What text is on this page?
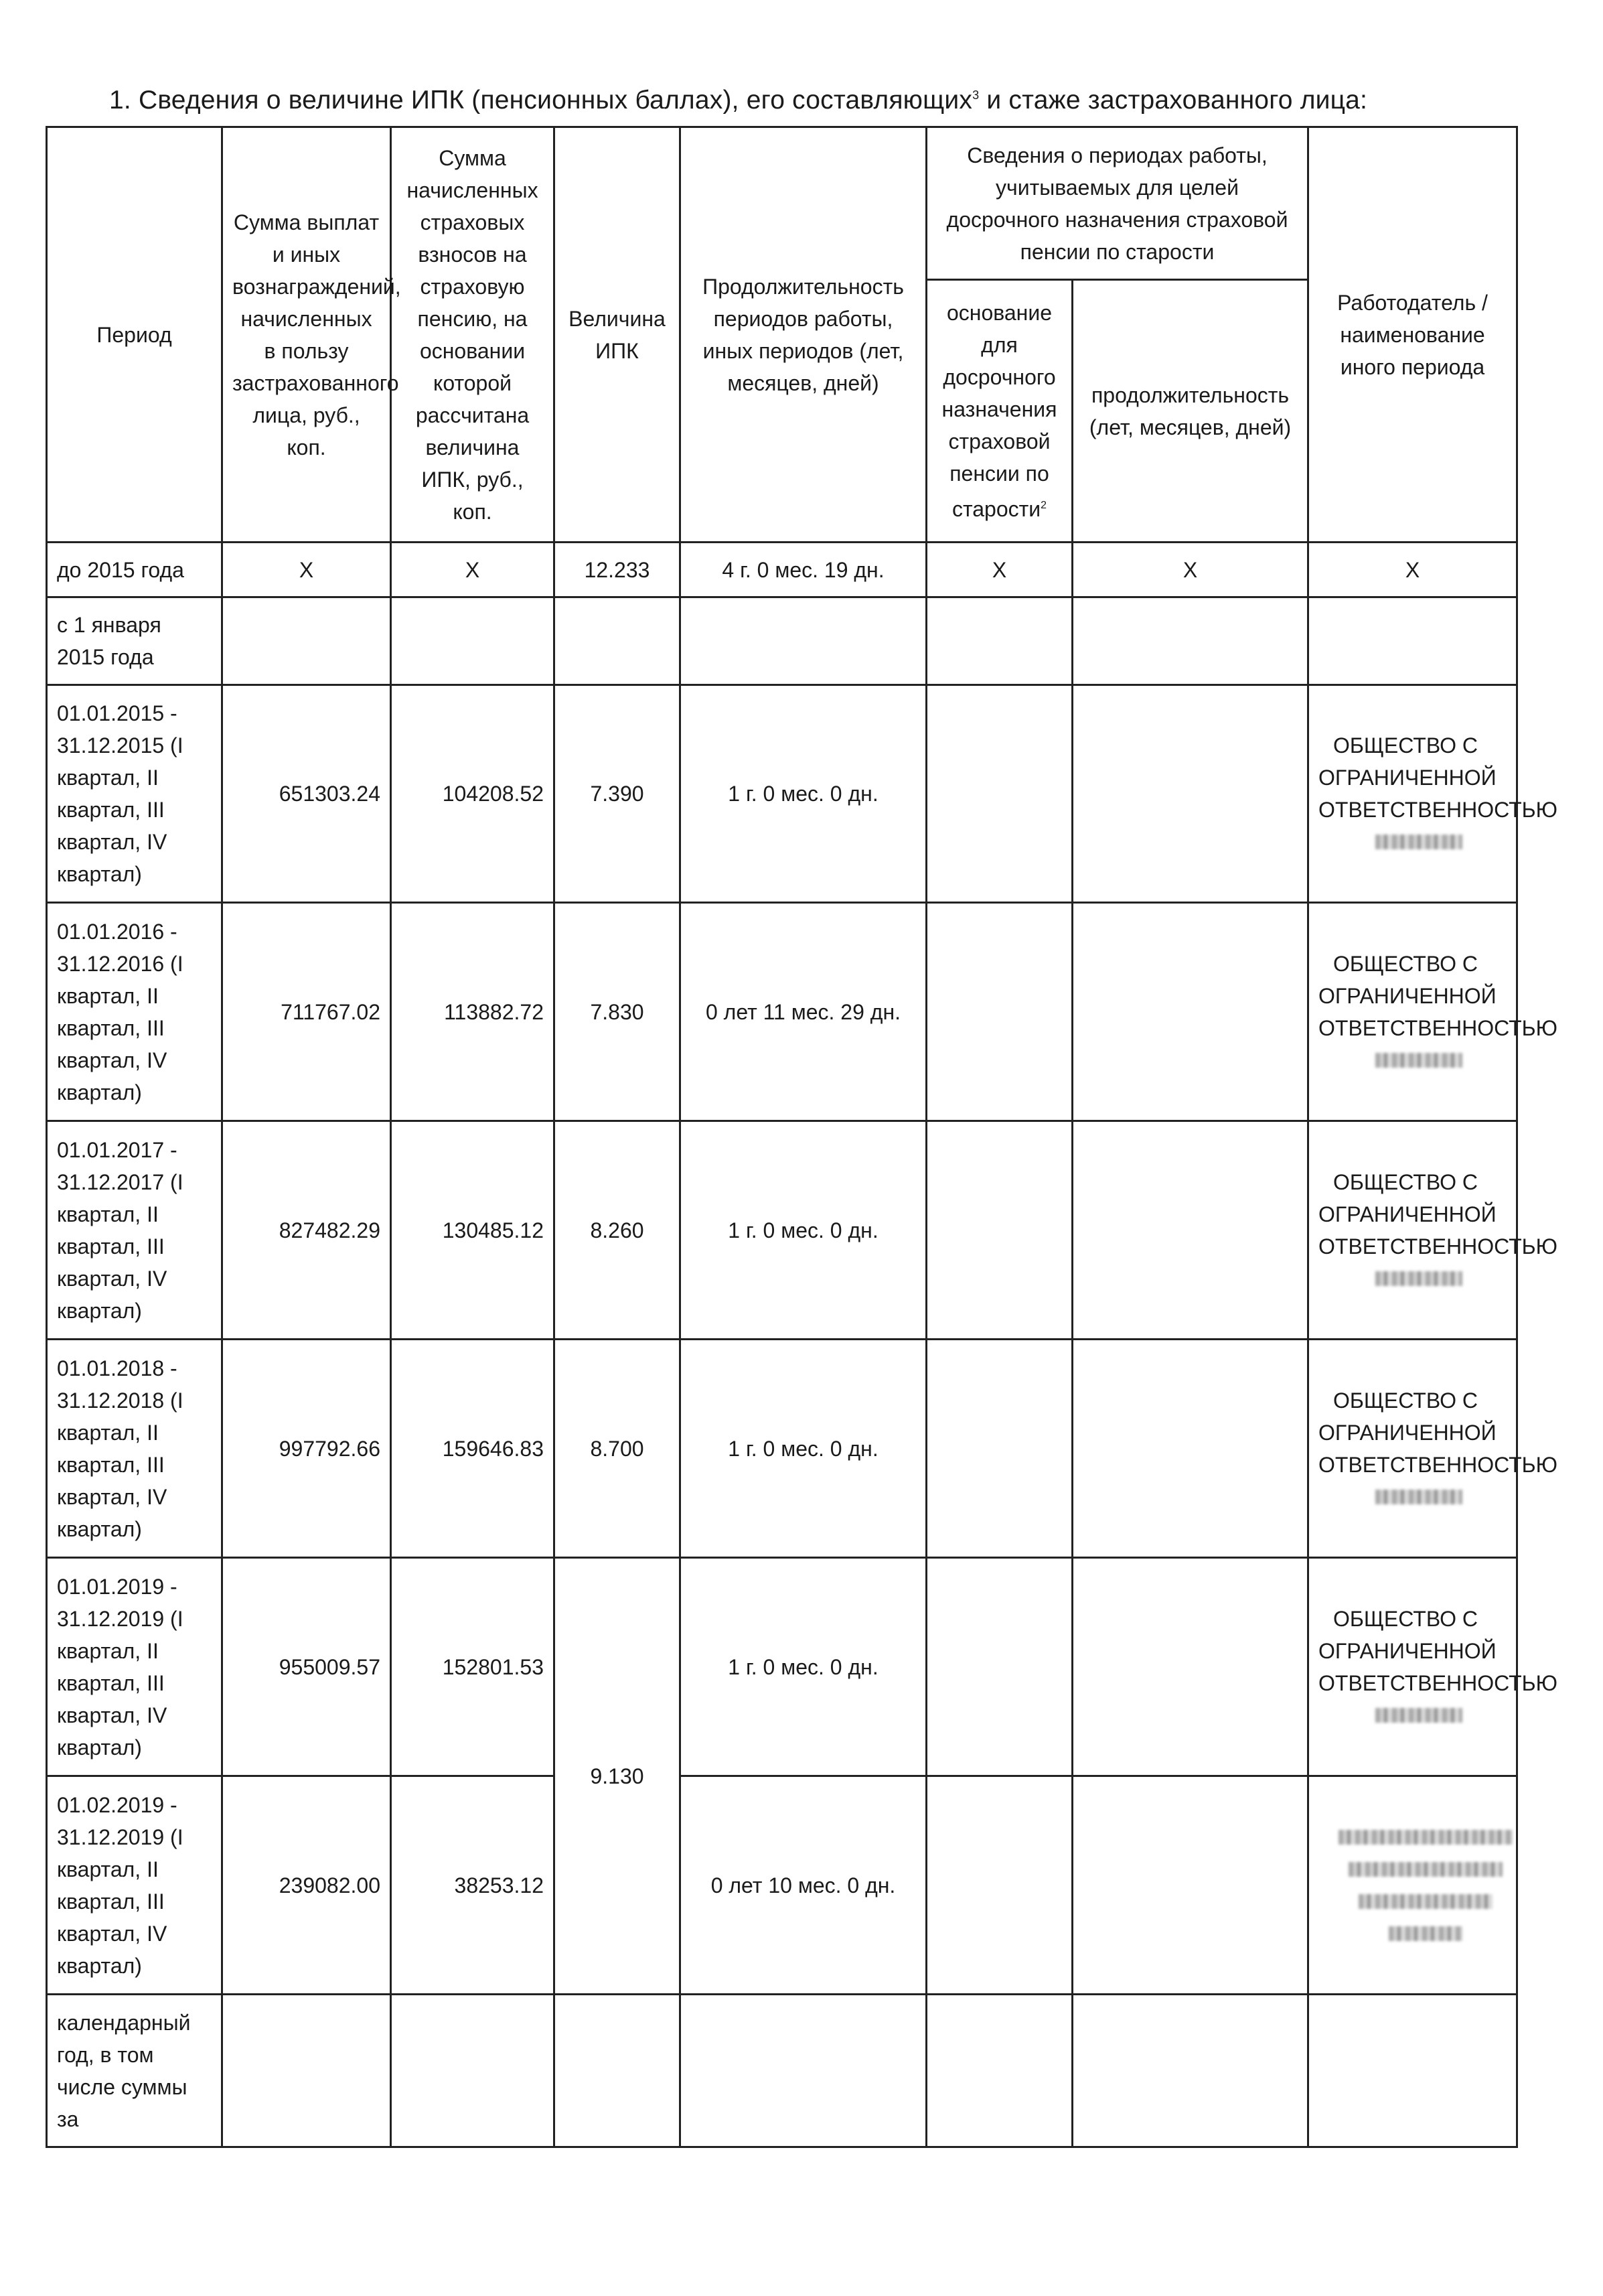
1. Сведения о величине ИПК (пенсионных баллах), его составляющих$^3$ и стаже застрахованного лица:
Период	Сумма выплат и иных вознаграждений, начисленных в пользу застрахованного лица, руб., коп.	Сумма начисленных страховых взносов на страховую пенсию, на основании которой рассчитана величина ИПК, руб., коп.	Величина ИПК	Продолжительность периодов работы, иных периодов (лет, месяцев, дней)	Сведения о периодах работы, учитываемых для целей досрочного назначения страховой пенсии по старости		Работодатель / наименование иного периода
					основание для досрочного назначения страховой пенсии по старости$^2$	продолжительность (лет, месяцев, дней)	
до 2015 года	X	X	12.233	4 г. 0 мес. 19 дн.	X	X	X
с 1 января 2015 года							
01.01.2015 - 31.12.2015 (I квартал, II квартал, III квартал, IV квартал)	651303.24	104208.52	7.390	1 г. 0 мес. 0 дн.			ОБЩЕСТВО С
ОГРАНИЧЕННОЙ
ОТВЕТСТВЕННОСТЬЮ

01.01.2016 - 31.12.2016 (I квартал, II квартал, III квартал, IV квартал)	711767.02	113882.72	7.830	0 лет 11 мес. 29 дн.			ОБЩЕСТВО С
ОГРАНИЧЕННОЙ
ОТВЕТСТВЕННОСТЬЮ

01.01.2017 - 31.12.2017 (I квартал, II квартал, III квартал, IV квартал)	827482.29	130485.12	8.260	1 г. 0 мес. 0 дн.			ОБЩЕСТВО С
ОГРАНИЧЕННОЙ
ОТВЕТСТВЕННОСТЬЮ

01.01.2018 - 31.12.2018 (I квартал, II квартал, III квартал, IV квартал)	997792.66	159646.83	8.700	1 г. 0 мес. 0 дн.			ОБЩЕСТВО С
ОГРАНИЧЕННОЙ
ОТВЕТСТВЕННОСТЬЮ

01.01.2019 - 31.12.2019 (I квартал, II квартал, III квартал, IV квартал)	955009.57	152801.53	9.130	1 г. 0 мес. 0 дн.			ОБЩЕСТВО С
ОГРАНИЧЕННОЙ
ОТВЕТСТВЕННОСТЬЮ

01.02.2019 - 31.12.2019 (I квартал, II квартал, III квартал, IV квартал)	239082.00	38253.12		0 лет 10 мес. 0 дн.			

календарный год, в том числе суммы за							
